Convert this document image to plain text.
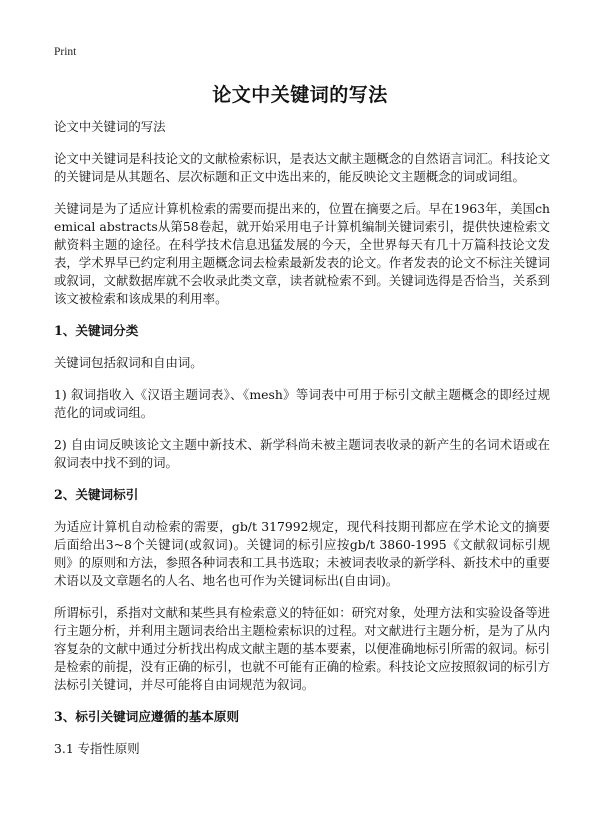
Print
论文中关键词的写法

论文中关键词的写法

论文中关键词是科技论文的文献检索标识，是表达文献主题概念的自然语言词汇。科技论文的关键词是从其题名、层次标题和正文中选出来的，能反映论文主题概念的词或词组。

关键词是为了适应计算机检索的需要而提出来的，位置在摘要之后。早在1963年，美国chemical abstracts从第58卷起，就开始采用电子计算机编制关键词索引，提供快速检索文献资料主题的途径。在科学技术信息迅猛发展的今天，全世界每天有几十万篇科技论文发表，学术界早已约定利用主题概念词去检索最新发表的论文。作者发表的论文不标注关键词或叙词，文献数据库就不会收录此类文章，读者就检索不到。关键词选得是否恰当，关系到该文被检索和该成果的利用率。

1、关键词分类

关键词包括叙词和自由词。

1) 叙词指收入《汉语主题词表》、《mesh》等词表中可用于标引文献主题概念的即经过规范化的词或词组。

2) 自由词反映该论文主题中新技术、新学科尚未被主题词表收录的新产生的名词术语或在叙词表中找不到的词。

2、关键词标引

为适应计算机自动检索的需要，gb/t 317992规定，现代科技期刊都应在学术论文的摘要后面给出3~8个关键词(或叙词)。关键词的标引应按gb/t 3860-1995《文献叙词标引规则》的原则和方法，参照各种词表和工具书选取；未被词表收录的新学科、新技术中的重要术语以及文章题名的人名、地名也可作为关键词标出(自由词)。

所谓标引，系指对文献和某些具有检索意义的特征如：研究对象，处理方法和实验设备等进行主题分析，并利用主题词表给出主题检索标识的过程。对文献进行主题分析，是为了从内容复杂的文献中通过分析找出构成文献主题的基本要素，以便准确地标引所需的叙词。标引是检索的前提，没有正确的标引，也就不可能有正确的检索。科技论文应按照叙词的标引方法标引关键词，并尽可能将自由词规范为叙词。

3、标引关键词应遵循的基本原则

3.1 专指性原则
